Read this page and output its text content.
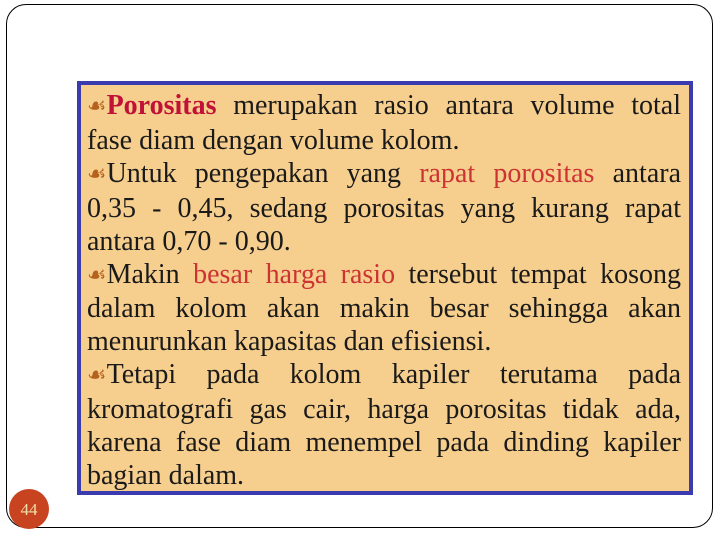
☙Porositas merupakan rasio antara volume total
fase diam dengan volume kolom.
☙Untuk pengepakan yang rapat porositas antara
0,35 - 0,45, sedang porositas yang kurang rapat
antara 0,70 - 0,90.
☙Makin besar harga rasio tersebut tempat kosong
dalam kolom akan makin besar sehingga akan
menurunkan kapasitas dan efisiensi.
☙Tetapi pada kolom kapiler terutama pada
kromatografi gas cair, harga porositas tidak ada,
karena fase diam menempel pada dinding kapiler
bagian dalam.
44
